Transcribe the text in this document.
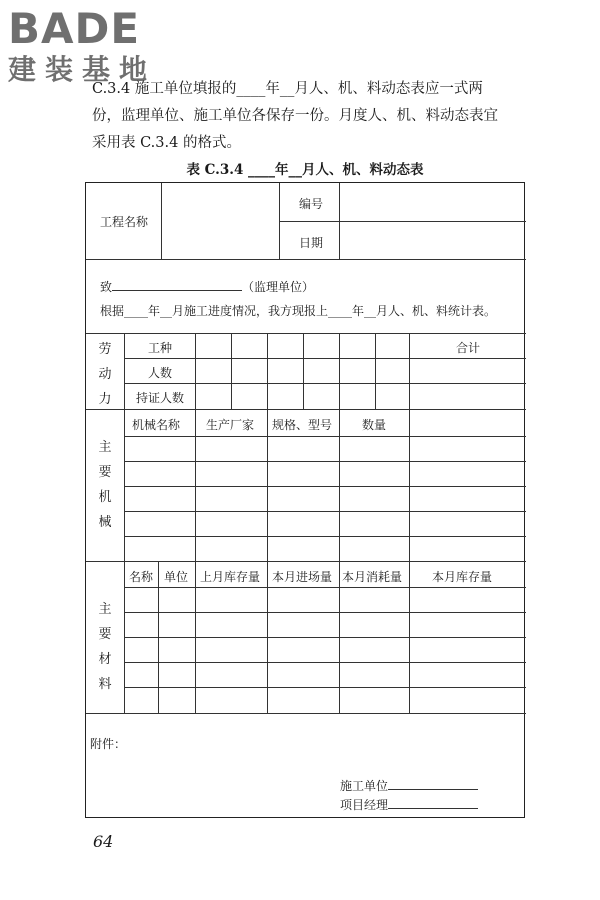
BADE
建装基地

C.3.4 施工单位填报的____年__月人、机、料动态表应一式两

份，监理单位、施工单位各保存一份。月度人、机、料动态表宜

采用表 C.3.4 的格式。

表 C.3.4 ____年__月人、机、料动态表
工程名称
编号
日期
致	（监理单位）
根据____年__月施工进度情况，我方现报上____年__月人、机、料统计表。
劳
动
力
工种
人数
持证人数
合计
主
要
机
械
机械名称 生产厂家 规格、型号 数量
主
要
材
料
名称 单位 上月库存量 本月进场量 本月消耗量 本月库存量
附件：
施工单位
项目经理
64
